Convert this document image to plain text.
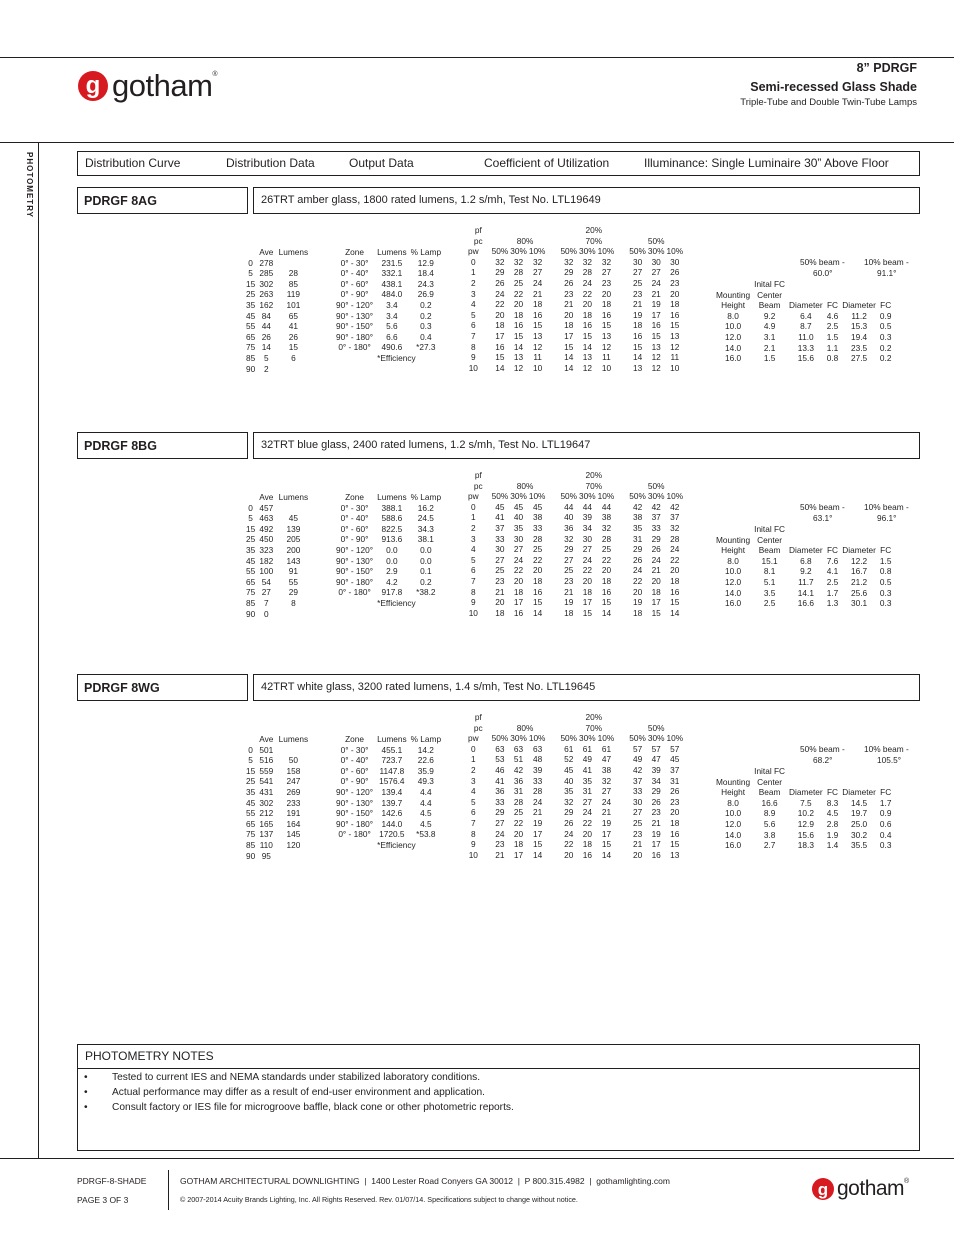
g gotham ®	8” PDRGF
Semi-recessed Glass Shade
Triple-Tube and Double Twin-Tube Lamps
PHOTOMETRY	Distribution Curve	Distribution Data	Output Data	Coefficient of Utilization	Illuminance: Single Luminaire 30” Above Floor
PDRGF 8AG	26TRT amber glass, 1800 rated lumens, 1.2 s/mh, Test No. LTL19649
	Ave	Lumens
0	278	
5	285	28
15	302	85
25	263	119
35	162	101
45	84	65
55	44	41
65	26	26
75	14	15
85	5	6
90	2	
Zone	Lumens	% Lamp
0° - 30°	231.5	12.9
0° - 40°	332.1	18.4
0° - 60°	438.1	24.3
0° - 90°	484.0	26.9
90° - 120°	3.4	0.2
90° - 130°	3.4	0.2
90° - 150°	5.6	0.3
90° - 180°	6.6	0.4
0° - 180°	490.6	*27.3
	*Efficiency	
pf				20%					
pc	80%			70%			50%		
pw	50%	30%	10%	50%	30%	10%	50%	30%	10%
0	32	32	32	32	32	32	30	30	30
1	29	28	27	29	28	27	27	27	26
2	26	25	24	26	24	23	25	24	23
3	24	22	21	23	22	20	23	21	20
4	22	20	18	21	20	18	21	19	18
5	20	18	16	20	18	16	19	17	16
6	18	16	15	18	16	15	18	16	15
7	17	15	13	17	15	13	16	15	13
8	16	14	12	15	14	12	15	13	12
9	15	13	11	14	13	11	14	12	11
10	14	12	10	14	12	10	13	12	10
50% beam -
60.0°
10% beam -
91.1°
	Inital FC				
Mounting	Center				
Height	Beam	Diameter	FC	Diameter	FC
8.0	9.2	6.4	4.6	11.2	0.9
10.0	4.9	8.7	2.5	15.3	0.5
12.0	3.1	11.0	1.5	19.4	0.3
14.0	2.1	13.3	1.1	23.5	0.2
16.0	1.5	15.6	0.8	27.5	0.2
PDRGF 8BG	32TRT blue glass, 2400 rated lumens, 1.2 s/mh, Test No. LTL19647
	Ave	Lumens
0	457	
5	463	45
15	492	139
25	450	205
35	323	200
45	182	143
55	100	91
65	54	55
75	27	29
85	7	8
90	0	
Zone	Lumens	% Lamp
0° - 30°	388.1	16.2
0° - 40°	588.6	24.5
0° - 60°	822.5	34.3
0° - 90°	913.6	38.1
90° - 120°	0.0	0.0
90° - 130°	0.0	0.0
90° - 150°	2.9	0.1
90° - 180°	4.2	0.2
0° - 180°	917.8	*38.2
	*Efficiency	
pf				20%					
pc	80%			70%			50%		
pw	50%	30%	10%	50%	30%	10%	50%	30%	10%
0	45	45	45	44	44	44	42	42	42
1	41	40	38	40	39	38	38	37	37
2	37	35	33	36	34	32	35	33	32
3	33	30	28	32	30	28	31	29	28
4	30	27	25	29	27	25	29	26	24
5	27	24	22	27	24	22	26	24	22
6	25	22	20	25	22	20	24	21	20
7	23	20	18	23	20	18	22	20	18
8	21	18	16	21	18	16	20	18	16
9	20	17	15	19	17	15	19	17	15
10	18	16	14	18	15	14	18	15	14
50% beam -
63.1°
10% beam -
96.1°
	Inital FC				
Mounting	Center				
Height	Beam	Diameter	FC	Diameter	FC
8.0	15.1	6.8	7.6	12.2	1.5
10.0	8.1	9.2	4.1	16.7	0.8
12.0	5.1	11.7	2.5	21.2	0.5
14.0	3.5	14.1	1.7	25.6	0.3
16.0	2.5	16.6	1.3	30.1	0.3
PDRGF 8WG	42TRT white glass, 3200 rated lumens, 1.4 s/mh, Test No. LTL19645
	Ave	Lumens
0	501	
5	516	50
15	559	158
25	541	247
35	431	269
45	302	233
55	212	191
65	165	164
75	137	145
85	110	120
90	95	
Zone	Lumens	% Lamp
0° - 30°	455.1	14.2
0° - 40°	723.7	22.6
0° - 60°	1147.8	35.9
0° - 90°	1576.4	49.3
90° - 120°	139.4	4.4
90° - 130°	139.7	4.4
90° - 150°	142.6	4.5
90° - 180°	144.0	4.5
0° - 180°	1720.5	*53.8
	*Efficiency	
pf				20%					
pc	80%			70%			50%		
pw	50%	30%	10%	50%	30%	10%	50%	30%	10%
0	63	63	63	61	61	61	57	57	57
1	53	51	48	52	49	47	49	47	45
2	46	42	39	45	41	38	42	39	37
3	41	36	33	40	35	32	37	34	31
4	36	31	28	35	31	27	33	29	26
5	33	28	24	32	27	24	30	26	23
6	29	25	21	29	24	21	27	23	20
7	27	22	19	26	22	19	25	21	18
8	24	20	17	24	20	17	23	19	16
9	23	18	15	22	18	15	21	17	15
10	21	17	14	20	16	14	20	16	13
50% beam -
68.2°
10% beam -
105.5°
	Inital FC				
Mounting	Center				
Height	Beam	Diameter	FC	Diameter	FC
8.0	16.6	7.5	8.3	14.5	1.7
10.0	8.9	10.2	4.5	19.7	0.9
12.0	5.6	12.9	2.8	25.0	0.6
14.0	3.8	15.6	1.9	30.2	0.4
16.0	2.7	18.3	1.4	35.5	0.3
PHOTOMETRY NOTES
• Tested to current IES and NEMA standards under stabilized laboratory conditions.
• Actual performance may differ as a result of end-user environment and application.
• Consult factory or IES file for microgroove baffle, black cone or other photometric reports.
PDRGF-8-SHADE
PAGE 3 OF 3
GOTHAM ARCHITECTURAL DOWNLIGHTING  |  1400 Lester Road Conyers GA 30012  |  P 800.315.4982  |  gothamlighting.com
© 2007-2014 Acuity Brands Lighting, Inc. All Rights Reserved. Rev. 01/07/14. Specifications subject to change without notice.
g gotham ®
